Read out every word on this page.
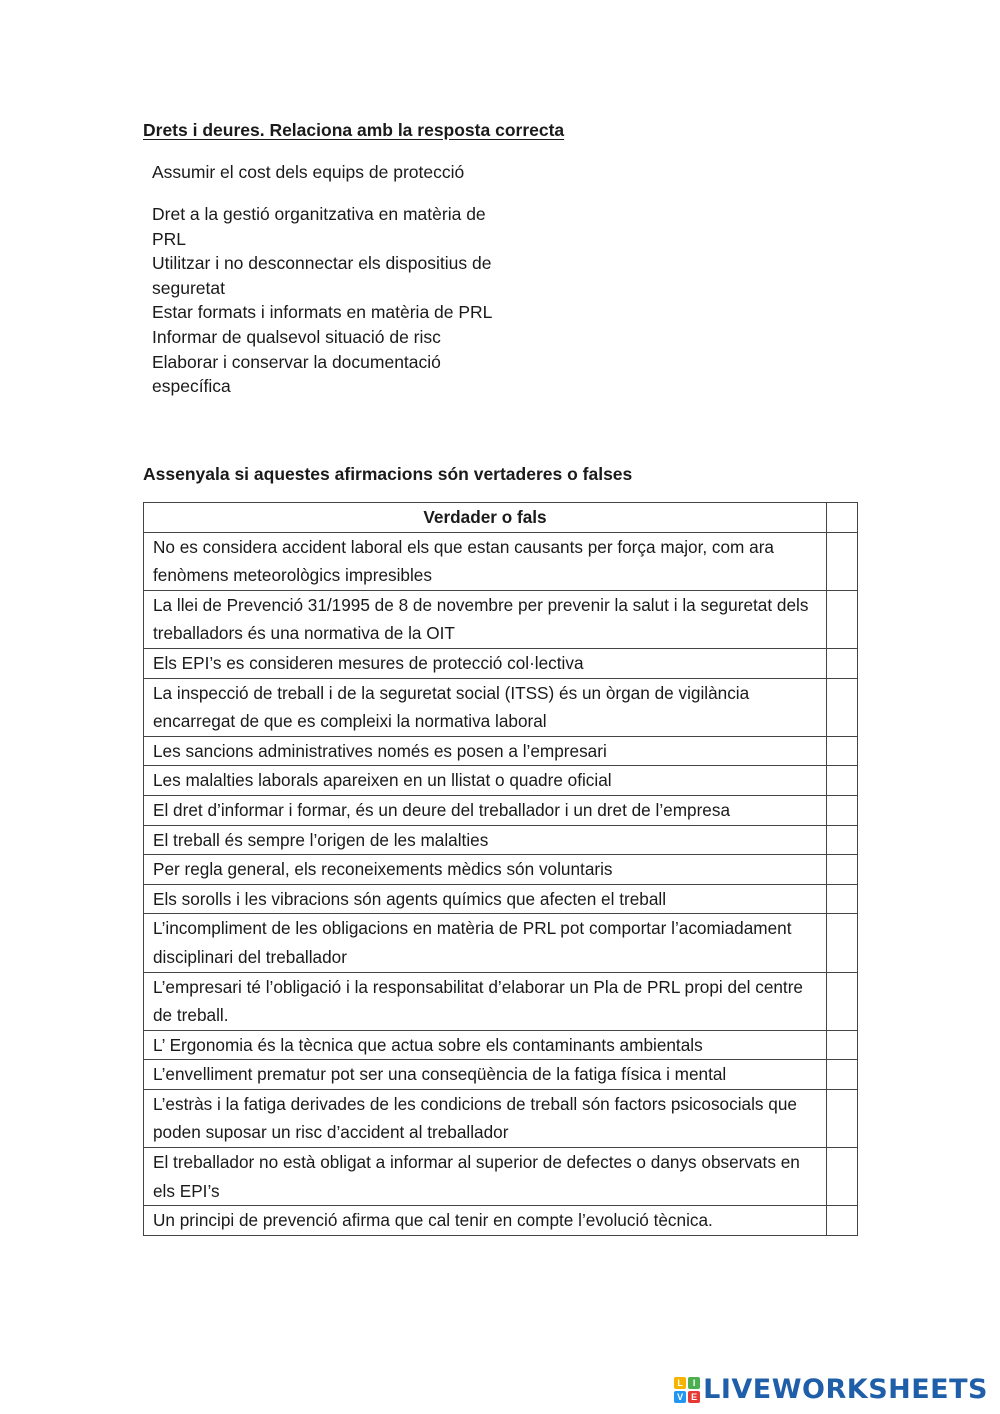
Drets i deures. Relaciona amb la resposta correcta
Assumir el cost dels equips de protecció
Dret a la gestió organitzativa en matèria de PRL
Utilitzar i no desconnectar els dispositius de seguretat
Estar formats i informats en matèria de PRL
Informar de qualsevol situació de risc
Elaborar i conservar la documentació específica
Assenyala si aquestes afirmacions són vertaderes o falses
Verdader o fals	
No es considera accident laboral els que estan causants per força major, com ara fenòmens meteorològics impresibles	
La llei de Prevenció 31/1995 de 8 de novembre per prevenir la salut i la seguretat dels treballadors és una normativa de la OIT	
Els EPI’s es consideren mesures de protecció col·lectiva	
La inspecció de treball i de la seguretat social (ITSS) és un òrgan de vigilància encarregat de que es compleixi la normativa laboral	
Les sancions administratives només es posen a l’empresari	
Les malalties laborals apareixen en un llistat o quadre oficial	
El dret d’informar i formar, és un deure del treballador i un dret de l’empresa	
El treball és sempre l’origen de les malalties	
Per regla general, els reconeixements mèdics són voluntaris	
Els sorolls i les vibracions són agents químics que afecten el treball	
L’incompliment de les obligacions en matèria de PRL pot comportar l’acomiadament disciplinari del treballador	
L’empresari té l’obligació i la responsabilitat d’elaborar un Pla de PRL propi del centre de treball.	
L’ Ergonomia és la tècnica que actua sobre els contaminants ambientals	
L’envelliment prematur pot ser una conseqüència de la fatiga física i mental	
L’estràs i la fatiga derivades de les condicions de treball són factors psicosocials que poden suposar un risc d’accident al treballador	
El treballador no està obligat a informar al superior de defectes o danys observats en els EPI’s	
Un principi de prevenció afirma que cal tenir en compte l’evolució tècnica.	
L	I
V E LIVEWORKSHEETS
